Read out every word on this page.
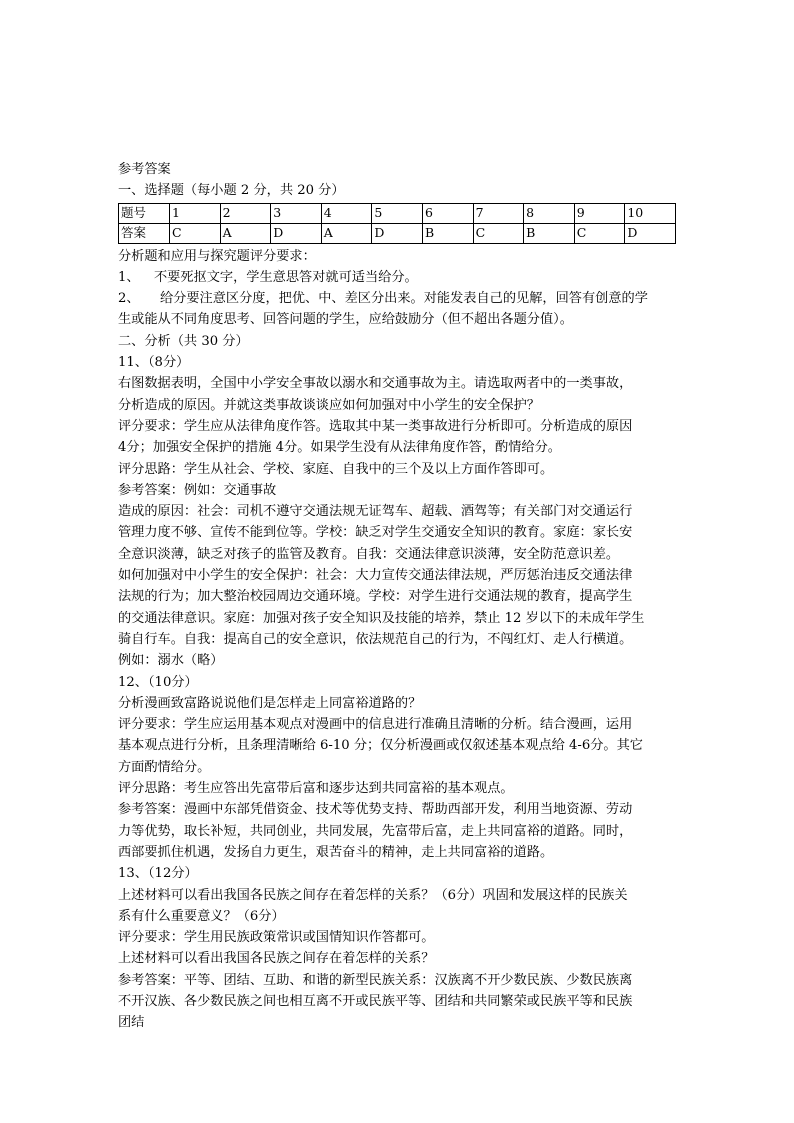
参考答案
一、选择题（每小题 2 分，共 20 分）
题号	1	2	3	4	5	6	7	8	9	10
答案	C	A	D	A	D	B	C	B	C	D
分析题和应用与探究题评分要求：
1、 不要死抠文字，学生意思答对就可适当给分。
2、 给分要注意区分度，把优、中、差区分出来。对能发表自己的见解，回答有创意的学
生或能从不同角度思考、回答问题的学生，应给鼓励分（但不超出各题分值）。
二、分析（共 30 分）
11、（8分）
右图数据表明，全国中小学安全事故以溺水和交通事故为主。请选取两者中的一类事故，
分析造成的原因。并就这类事故谈谈应如何加强对中小学生的安全保护？
评分要求：学生应从法律角度作答。选取其中某一类事故进行分析即可。分析造成的原因
4分；加强安全保护的措施 4分。如果学生没有从法律角度作答，酌情给分。
评分思路：学生从社会、学校、家庭、自我中的三个及以上方面作答即可。
参考答案：例如：交通事故
造成的原因：社会：司机不遵守交通法规无证驾车、超载、酒驾等；有关部门对交通运行
管理力度不够、宣传不能到位等。学校：缺乏对学生交通安全知识的教育。家庭：家长安
全意识淡薄，缺乏对孩子的监管及教育。自我：交通法律意识淡薄，安全防范意识差。
如何加强对中小学生的安全保护：社会：大力宣传交通法律法规，严厉惩治违反交通法律
法规的行为；加大整治校园周边交通环境。学校：对学生进行交通法规的教育，提高学生
的交通法律意识。家庭：加强对孩子安全知识及技能的培养，禁止 12 岁以下的未成年学生
骑自行车。自我：提高自己的安全意识，依法规范自己的行为，不闯红灯、走人行横道。
例如：溺水（略）
12、（10分）
分析漫画致富路说说他们是怎样走上同富裕道路的？
评分要求：学生应运用基本观点对漫画中的信息进行准确且清晰的分析。结合漫画，运用
基本观点进行分析，且条理清晰给 6-10 分；仅分析漫画或仅叙述基本观点给 4-6分。其它
方面酌情给分。
评分思路：考生应答出先富带后富和逐步达到共同富裕的基本观点。
参考答案：漫画中东部凭借资金、技术等优势支持、帮助西部开发，利用当地资源、劳动
力等优势，取长补短，共同创业，共同发展，先富带后富，走上共同富裕的道路。同时，
西部要抓住机遇，发扬自力更生，艰苦奋斗的精神，走上共同富裕的道路。
13、（12分）
上述材料可以看出我国各民族之间存在着怎样的关系？（6分）巩固和发展这样的民族关
系有什么重要意义？（6分）
评分要求：学生用民族政策常识或国情知识作答都可。
上述材料可以看出我国各民族之间存在着怎样的关系？
参考答案：平等、团结、互助、和谐的新型民族关系：汉族离不开少数民族、少数民族离
不开汉族、各少数民族之间也相互离不开或民族平等、团结和共同繁荣或民族平等和民族
团结
